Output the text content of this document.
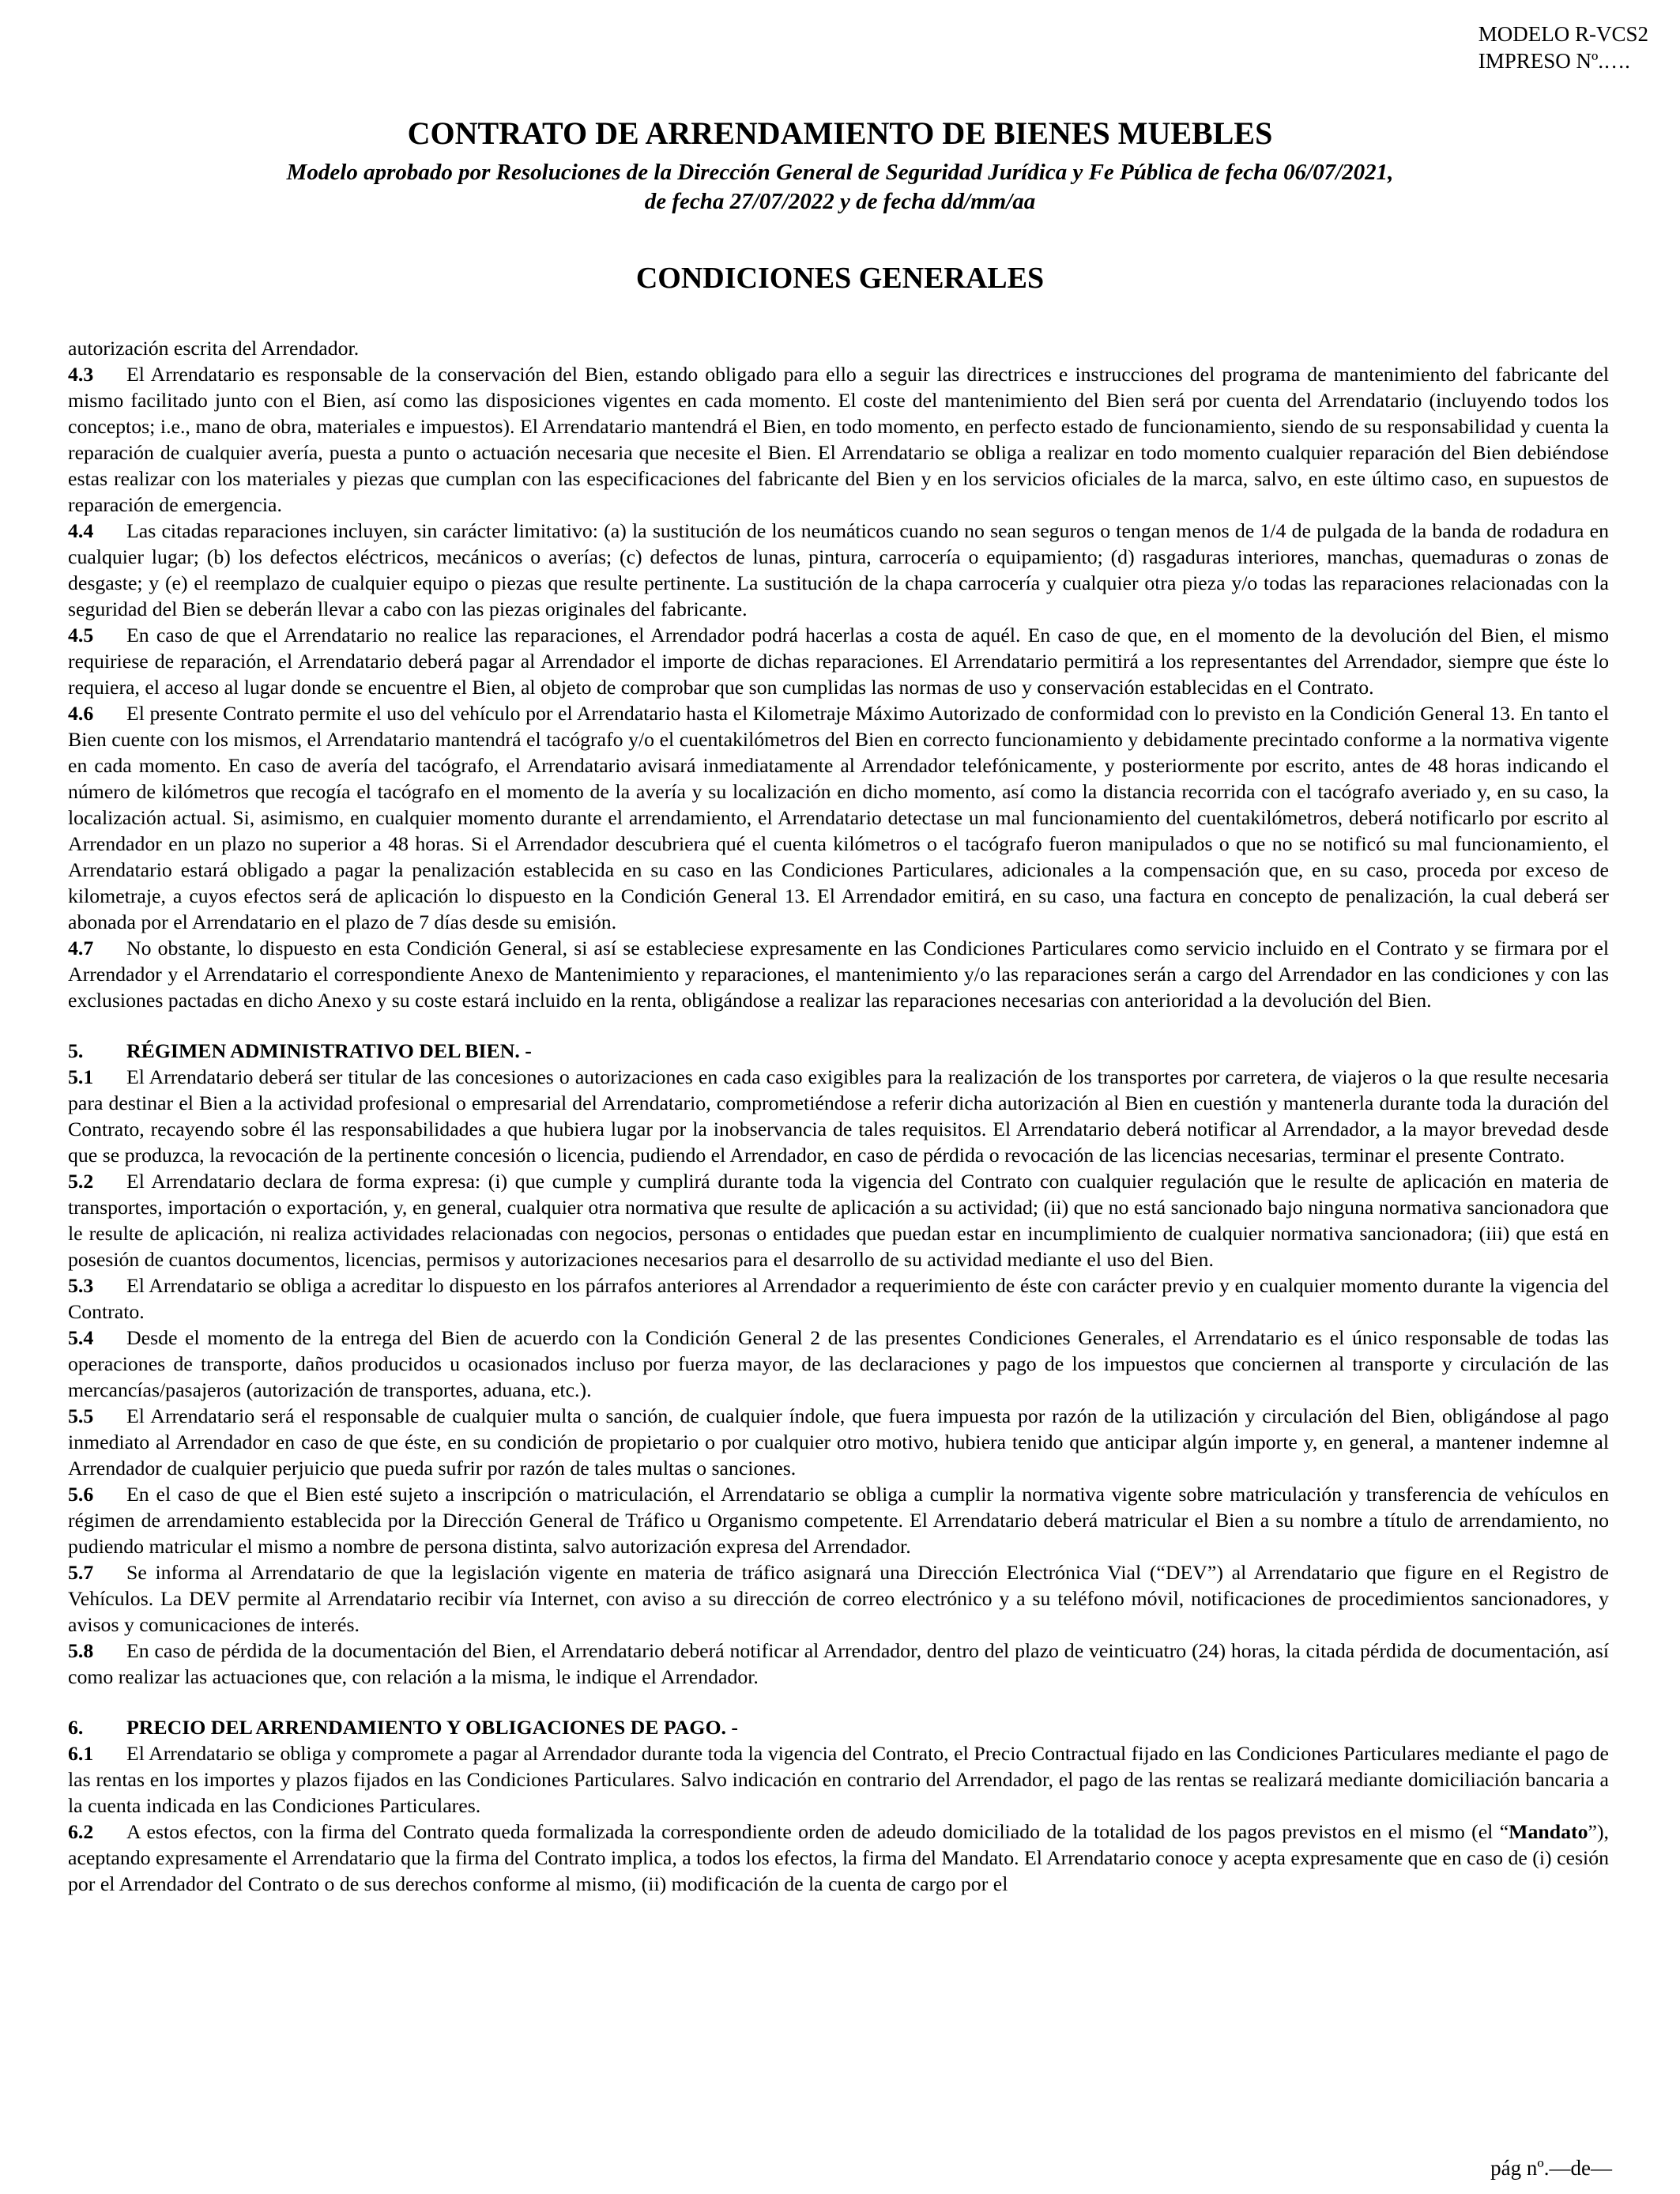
MODELO R-VCS2
IMPRESO Nº.….
CONTRATO DE ARRENDAMIENTO DE BIENES MUEBLES
Modelo aprobado por Resoluciones de la Dirección General de Seguridad Jurídica y Fe Pública de fecha 06/07/2021,
de fecha 27/07/2022 y de fecha dd/mm/aa
CONDICIONES GENERALES

autorización escrita del Arrendador.

4.3 El Arrendatario es responsable de la conservación del Bien, estando obligado para ello a seguir las directrices e instrucciones del programa de mantenimiento del fabricante del mismo facilitado junto con el Bien, así como las disposiciones vigentes en cada momento. El coste del mantenimiento del Bien será por cuenta del Arrendatario (incluyendo todos los conceptos; i.e., mano de obra, materiales e impuestos). El Arrendatario mantendrá el Bien, en todo momento, en perfecto estado de funcionamiento, siendo de su responsabilidad y cuenta la reparación de cualquier avería, puesta a punto o actuación necesaria que necesite el Bien. El Arrendatario se obliga a realizar en todo momento cualquier reparación del Bien debiéndose estas realizar con los materiales y piezas que cumplan con las especificaciones del fabricante del Bien y en los servicios oficiales de la marca, salvo, en este último caso, en supuestos de reparación de emergencia.

4.4 Las citadas reparaciones incluyen, sin carácter limitativo: (a) la sustitución de los neumáticos cuando no sean seguros o tengan menos de 1/4 de pulgada de la banda de rodadura en cualquier lugar; (b) los defectos eléctricos, mecánicos o averías; (c) defectos de lunas, pintura, carrocería o equipamiento; (d) rasgaduras interiores, manchas, quemaduras o zonas de desgaste; y (e) el reemplazo de cualquier equipo o piezas que resulte pertinente. La sustitución de la chapa carrocería y cualquier otra pieza y/o todas las reparaciones relacionadas con la seguridad del Bien se deberán llevar a cabo con las piezas originales del fabricante.

4.5 En caso de que el Arrendatario no realice las reparaciones, el Arrendador podrá hacerlas a costa de aquél. En caso de que, en el momento de la devolución del Bien, el mismo requiriese de reparación, el Arrendatario deberá pagar al Arrendador el importe de dichas reparaciones. El Arrendatario permitirá a los representantes del Arrendador, siempre que éste lo requiera, el acceso al lugar donde se encuentre el Bien, al objeto de comprobar que son cumplidas las normas de uso y conservación establecidas en el Contrato.

4.6 El presente Contrato permite el uso del vehículo por el Arrendatario hasta el Kilometraje Máximo Autorizado de conformidad con lo previsto en la Condición General 13. En tanto el Bien cuente con los mismos, el Arrendatario mantendrá el tacógrafo y/o el cuentakilómetros del Bien en correcto funcionamiento y debidamente precintado conforme a la normativa vigente en cada momento. En caso de avería del tacógrafo, el Arrendatario avisará inmediatamente al Arrendador telefónicamente, y posteriormente por escrito, antes de 48 horas indicando el número de kilómetros que recogía el tacógrafo en el momento de la avería y su localización en dicho momento, así como la distancia recorrida con el tacógrafo averiado y, en su caso, la localización actual. Si, asimismo, en cualquier momento durante el arrendamiento, el Arrendatario detectase un mal funcionamiento del cuentakilómetros, deberá notificarlo por escrito al Arrendador en un plazo no superior a 48 horas. Si el Arrendador descubriera qué el cuenta kilómetros o el tacógrafo fueron manipulados o que no se notificó su mal funcionamiento, el Arrendatario estará obligado a pagar la penalización establecida en su caso en las Condiciones Particulares, adicionales a la compensación que, en su caso, proceda por exceso de kilometraje, a cuyos efectos será de aplicación lo dispuesto en la Condición General 13. El Arrendador emitirá, en su caso, una factura en concepto de penalización, la cual deberá ser abonada por el Arrendatario en el plazo de 7 días desde su emisión.

4.7 No obstante, lo dispuesto en esta Condición General, si así se estableciese expresamente en las Condiciones Particulares como servicio incluido en el Contrato y se firmara por el Arrendador y el Arrendatario el correspondiente Anexo de Mantenimiento y reparaciones, el mantenimiento y/o las reparaciones serán a cargo del Arrendador en las condiciones y con las exclusiones pactadas en dicho Anexo y su coste estará incluido en la renta, obligándose a realizar las reparaciones necesarias con anterioridad a la devolución del Bien.

5. RÉGIMEN ADMINISTRATIVO DEL BIEN. -

5.1 El Arrendatario deberá ser titular de las concesiones o autorizaciones en cada caso exigibles para la realización de los transportes por carretera, de viajeros o la que resulte necesaria para destinar el Bien a la actividad profesional o empresarial del Arrendatario, comprometiéndose a referir dicha autorización al Bien en cuestión y mantenerla durante toda la duración del Contrato, recayendo sobre él las responsabilidades a que hubiera lugar por la inobservancia de tales requisitos. El Arrendatario deberá notificar al Arrendador, a la mayor brevedad desde que se produzca, la revocación de la pertinente concesión o licencia, pudiendo el Arrendador, en caso de pérdida o revocación de las licencias necesarias, terminar el presente Contrato.

5.2 El Arrendatario declara de forma expresa: (i) que cumple y cumplirá durante toda la vigencia del Contrato con cualquier regulación que le resulte de aplicación en materia de transportes, importación o exportación, y, en general, cualquier otra normativa que resulte de aplicación a su actividad; (ii) que no está sancionado bajo ninguna normativa sancionadora que le resulte de aplicación, ni realiza actividades relacionadas con negocios, personas o entidades que puedan estar en incumplimiento de cualquier normativa sancionadora; (iii) que está en posesión de cuantos documentos, licencias, permisos y autorizaciones necesarios para el desarrollo de su actividad mediante el uso del Bien.

5.3 El Arrendatario se obliga a acreditar lo dispuesto en los párrafos anteriores al Arrendador a requerimiento de éste con carácter previo y en cualquier momento durante la vigencia del Contrato.

5.4 Desde el momento de la entrega del Bien de acuerdo con la Condición General 2 de las presentes Condiciones Generales, el Arrendatario es el único responsable de todas las operaciones de transporte, daños producidos u ocasionados incluso por fuerza mayor, de las declaraciones y pago de los impuestos que conciernen al transporte y circulación de las mercancías/pasajeros (autorización de transportes, aduana, etc.).

5.5 El Arrendatario será el responsable de cualquier multa o sanción, de cualquier índole, que fuera impuesta por razón de la utilización y circulación del Bien, obligándose al pago inmediato al Arrendador en caso de que éste, en su condición de propietario o por cualquier otro motivo, hubiera tenido que anticipar algún importe y, en general, a mantener indemne al Arrendador de cualquier perjuicio que pueda sufrir por razón de tales multas o sanciones.

5.6 En el caso de que el Bien esté sujeto a inscripción o matriculación, el Arrendatario se obliga a cumplir la normativa vigente sobre matriculación y transferencia de vehículos en régimen de arrendamiento establecida por la Dirección General de Tráfico u Organismo competente. El Arrendatario deberá matricular el Bien a su nombre a título de arrendamiento, no pudiendo matricular el mismo a nombre de persona distinta, salvo autorización expresa del Arrendador.

5.7 Se informa al Arrendatario de que la legislación vigente en materia de tráfico asignará una Dirección Electrónica Vial (“DEV”) al Arrendatario que figure en el Registro de Vehículos. La DEV permite al Arrendatario recibir vía Internet, con aviso a su dirección de correo electrónico y a su teléfono móvil, notificaciones de procedimientos sancionadores, y avisos y comunicaciones de interés.

5.8 En caso de pérdida de la documentación del Bien, el Arrendatario deberá notificar al Arrendador, dentro del plazo de veinticuatro (24) horas, la citada pérdida de documentación, así como realizar las actuaciones que, con relación a la misma, le indique el Arrendador.

6. PRECIO DEL ARRENDAMIENTO Y OBLIGACIONES DE PAGO. -

6.1 El Arrendatario se obliga y compromete a pagar al Arrendador durante toda la vigencia del Contrato, el Precio Contractual fijado en las Condiciones Particulares mediante el pago de las rentas en los importes y plazos fijados en las Condiciones Particulares. Salvo indicación en contrario del Arrendador, el pago de las rentas se realizará mediante domiciliación bancaria a la cuenta indicada en las Condiciones Particulares.

6.2 A estos efectos, con la firma del Contrato queda formalizada la correspondiente orden de adeudo domiciliado de la totalidad de los pagos previstos en el mismo (el “Mandato”), aceptando expresamente el Arrendatario que la firma del Contrato implica, a todos los efectos, la firma del Mandato. El Arrendatario conoce y acepta expresamente que en caso de (i) cesión por el Arrendador del Contrato o de sus derechos conforme al mismo, (ii) modificación de la cuenta de cargo por el

pág nº.—de—
